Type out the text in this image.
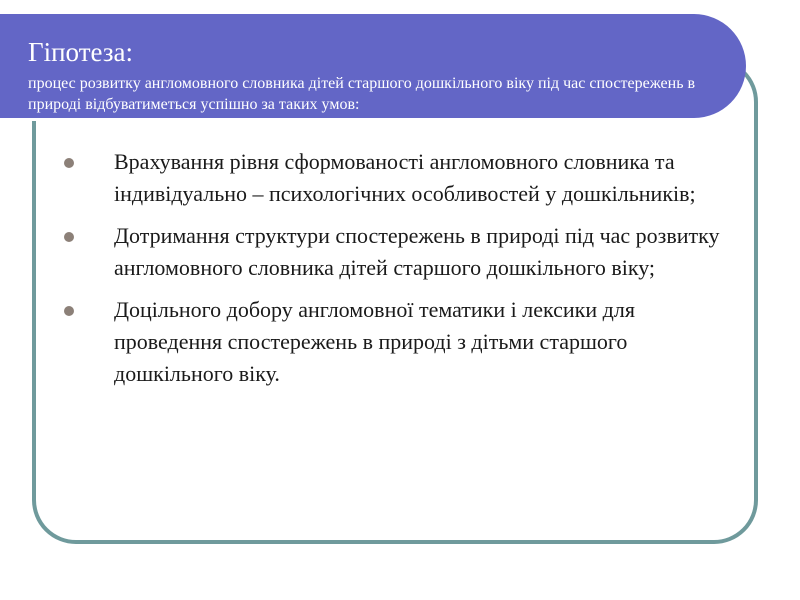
Гіпотеза:
процес розвитку англомовного словника дітей старшого дошкільного віку під час спостережень в природі відбуватиметься успішно за таких умов:
Врахування рівня сформованості англомовного словника та індивідуально – психологічних особливостей у дошкільників;
Дотримання структури спостережень в природі під час розвитку англомовного словника дітей старшого дошкільного віку;
Доцільного добору англомовної тематики і лексики для проведення спостережень в природі з дітьми старшого дошкільного віку.
